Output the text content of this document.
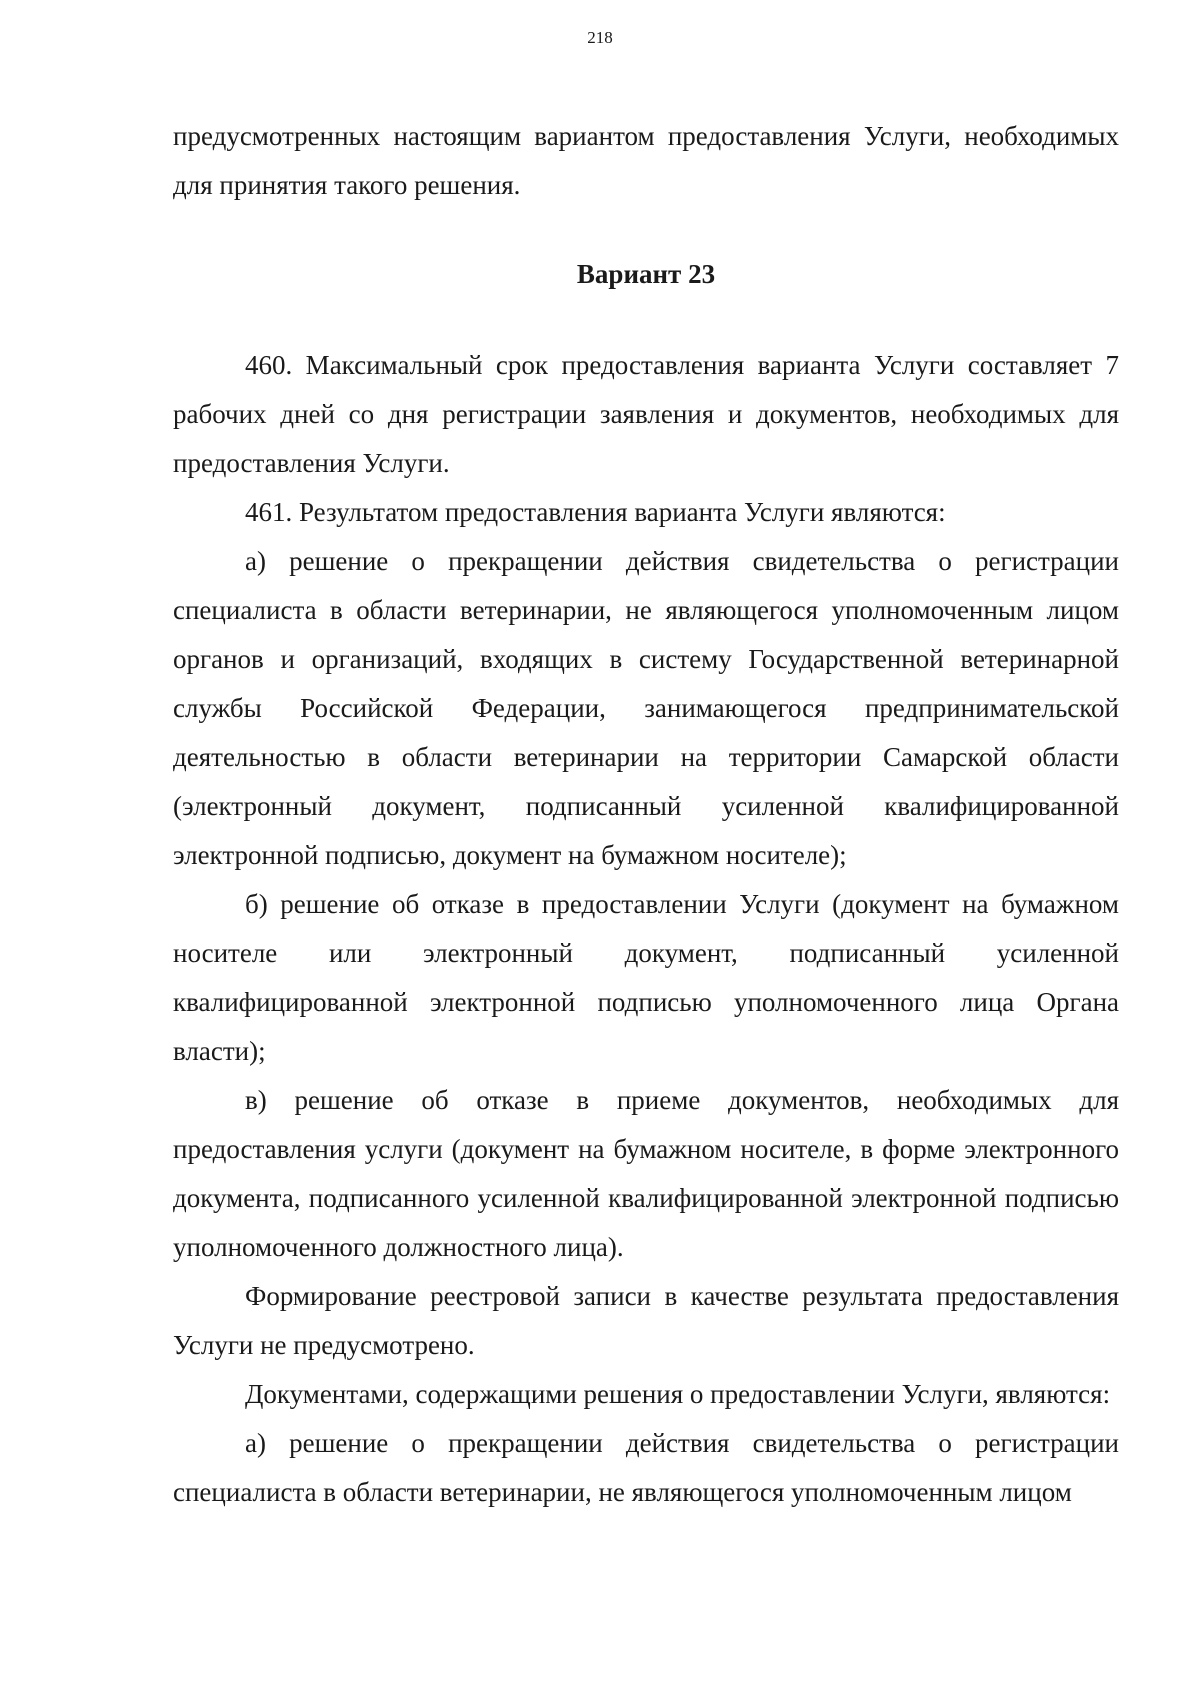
218

предусмотренных настоящим вариантом предоставления Услуги, необходимых для принятия такого решения.

Вариант 23

460. Максимальный срок предоставления варианта Услуги составляет 7 рабочих дней со дня регистрации заявления и документов, необходимых для предоставления Услуги.

461. Результатом предоставления варианта Услуги являются:

а) решение о прекращении действия свидетельства о регистрации специалиста в области ветеринарии, не являющегося уполномоченным лицом органов и организаций, входящих в систему Государственной ветеринарной службы Российской Федерации, занимающегося предпринимательской деятельностью в области ветеринарии на территории Самарской области (электронный документ, подписанный усиленной квалифицированной электронной подписью, документ на бумажном носителе);

б) решение об отказе в предоставлении Услуги (документ на бумажном носителе или электронный документ, подписанный усиленной квалифицированной электронной подписью уполномоченного лица Органа власти);

в) решение об отказе в приеме документов, необходимых для предоставления услуги (документ на бумажном носителе, в форме электронного документа, подписанного усиленной квалифицированной электронной подписью уполномоченного должностного лица).

Формирование реестровой записи в качестве результата предоставления Услуги не предусмотрено.

Документами, содержащими решения о предоставлении Услуги, являются:

а) решение о прекращении действия свидетельства о регистрации специалиста в области ветеринарии, не являющегося уполномоченным лицом
